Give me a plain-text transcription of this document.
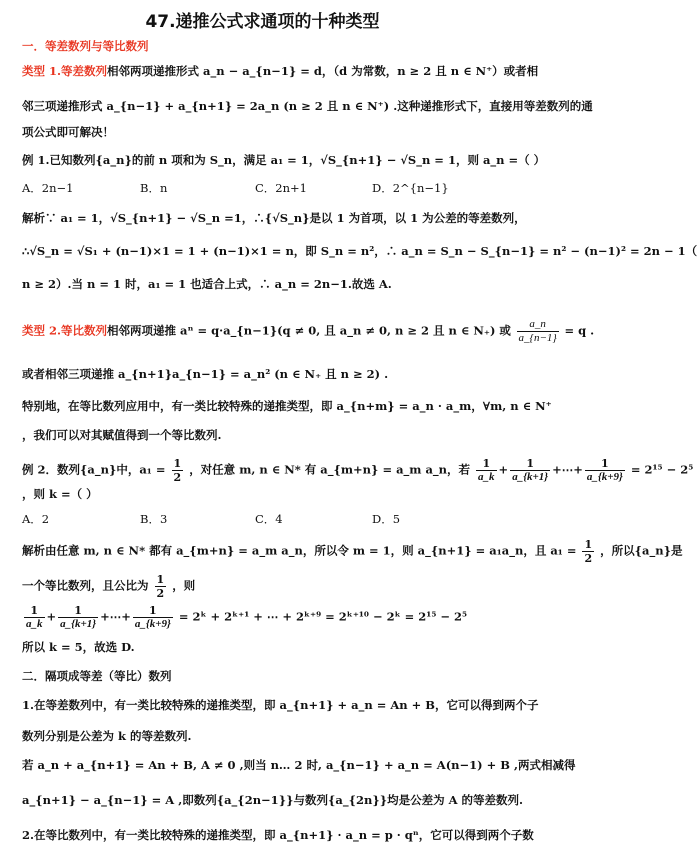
47.递推公式求通项的十种类型
一．等差数列与等比数列
类型 1.等差数列相邻两项递推形式 a_n − a_{n−1} = d，（d 为常数，n ≥ 2 且 n ∈ N⁺）或者相
邻三项递推形式 a_{n−1} + a_{n+1} = 2a_n (n ≥ 2 且 n ∈ N⁺) .这种递推形式下，直接用等差数列的通
项公式即可解决！
例 1.已知数列{a_n}的前 n 项和为 S_n，满足 a₁ = 1，√S_{n+1} − √S_n = 1，则 a_n =（ ）
A．2n−1	B．n	C．2n+1	D．2^{n−1}
解析∵ a₁ = 1，√S_{n+1} − √S_n =1，∴{√S_n}是以 1 为首项，以 1 为公差的等差数列，
∴√S_n = √S₁ + (n−1)×1 = 1 + (n−1)×1 = n，即 S_n = n²，∴ a_n = S_n − S_{n−1} = n² − (n−1)² = 2n − 1（
n ≥ 2）.当 n = 1 时，a₁ = 1 也适合上式，∴ a_n = 2n−1.故选 A.
类型 2.等比数列相邻两项递推 aⁿ = q·a_{n−1}(q ≠ 0, 且 a_n ≠ 0, n ≥ 2 且 n ∈ N₊) 或 $\frac{a\_n}{a\_\{n-1\}} = q$ .
或者相邻三项递推 a_{n+1}a_{n−1} = a_n² (n ∈ N₊ 且 n ≥ 2) .
特别地，在等比数列应用中，有一类比较特殊的递推类型，即 a_{n+m} = a_n · a_m，∀m, n ∈ N⁺
，我们可以对其赋值得到一个等比数列.
例 2．数列{a_n}中，$a_1 = \frac{1}{2}$ ，对任意 m, n ∈ N* 有 a_{m+n} = a_m a_n，若 $\frac{1}{a\_k} + \frac{1}{a\_\{k+1\}}$ +⋯+ $\frac{1}{a\_\{k+9\}} = 2^{15} - 2^5$
，则 k =（ ）
A．2	B．3	C．4	D．5
解析由任意 m, n ∈ N* 都有 a_{m+n} = a_m a_n，所以令 m = 1，则 a_{n+1} = a₁a_n，且 $a_1 = \frac{1}{2}$ ，所以{a_n}是
一个等比数列，且公比为 $\frac{1}{2}$ ，则
$\frac{1}{a\_k} + \frac{1}{a\_\{k+1\}}$ +⋯+ $\frac{1}{a\_\{k+9\}}$ = 2ᵏ + 2ᵏ⁺¹ + ⋯ + 2ᵏ⁺⁹ = 2ᵏ⁺¹⁰ − 2ᵏ = 2¹⁵ − 2⁵
所以 k = 5，故选 D.
二．隔项成等差（等比）数列
1.在等差数列中，有一类比较特殊的递推类型，即 a_{n+1} + a_n = An + B，它可以得到两个子
数列分别是公差为 k 的等差数列.
若 a_n + a_{n+1} = An + B, A ≠ 0 ,则当 n… 2 时, a_{n−1} + a_n = A(n−1) + B ,两式相减得
a_{n+1} − a_{n−1} = A ,即数列{a_{2n−1}}与数列{a_{2n}}均是公差为 A 的等差数列.
2.在等比数列中，有一类比较特殊的递推类型，即 a_{n+1} · a_n = p · qⁿ，它可以得到两个子数
